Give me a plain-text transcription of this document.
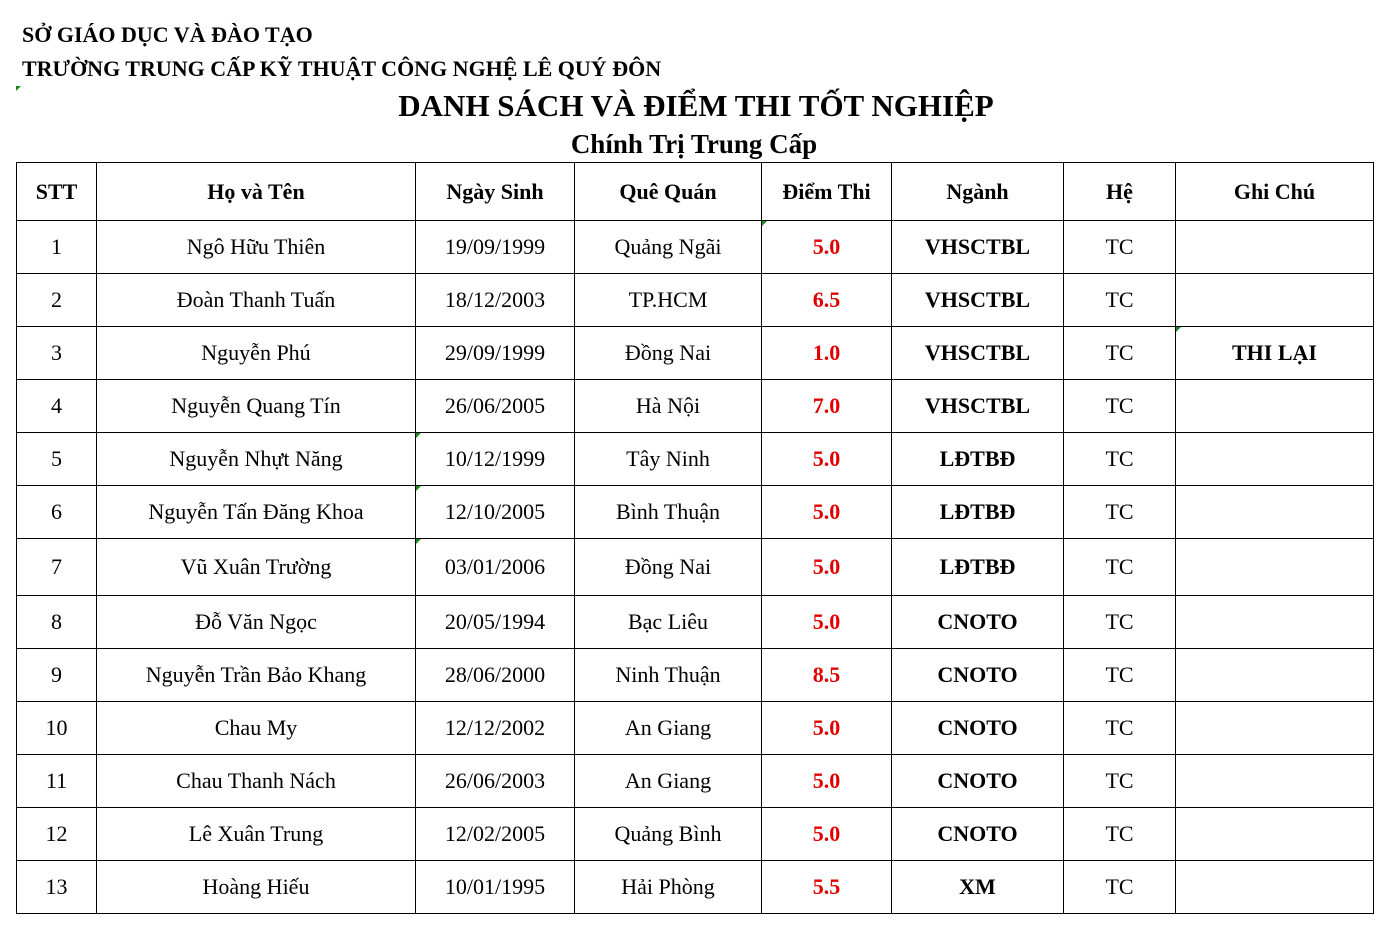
SỞ GIÁO DỤC VÀ ĐÀO TẠO
TRƯỜNG TRUNG CẤP KỸ THUẬT CÔNG NGHỆ LÊ QUÝ ĐÔN
DANH SÁCH VÀ ĐIỂM THI TỐT NGHIỆP
Chính Trị Trung Cấp
STT	Họ và Tên	Ngày Sinh	Quê Quán	Điểm Thi	Ngành	Hệ	Ghi Chú
1	Ngô Hữu Thiên	19/09/1999	Quảng Ngãi	5.0	VHSCTBL	TC	
2	Đoàn Thanh Tuấn	18/12/2003	TP.HCM	6.5	VHSCTBL	TC	
3	Nguyễn Phú	29/09/1999	Đồng Nai	1.0	VHSCTBL	TC	THI LẠI

4	Nguyễn Quang Tín	26/06/2005	Hà Nội	7.0	VHSCTBL	TC	
5	Nguyễn Nhựt Năng	10/12/1999	Tây Ninh	5.0	LĐTBĐ	TC	
6	Nguyễn Tấn Đăng Khoa	12/10/2005	Bình Thuận	5.0	LĐTBĐ	TC	
7	Vũ Xuân Trường	03/01/2006	Đồng Nai	5.0	LĐTBĐ	TC	
8	Đỗ Văn Ngọc	20/05/1994	Bạc Liêu	5.0	CNOTO	TC	
9	Nguyễn Trần Bảo Khang	28/06/2000	Ninh Thuận	8.5	CNOTO	TC	
10	Chau My	12/12/2002	An Giang	5.0	CNOTO	TC	
11	Chau Thanh Nách	26/06/2003	An Giang	5.0	CNOTO	TC	
12	Lê Xuân Trung	12/02/2005	Quảng Bình	5.0	CNOTO	TC	
13	Hoàng Hiếu	10/01/1995	Hải Phòng	5.5	XM	TC	
